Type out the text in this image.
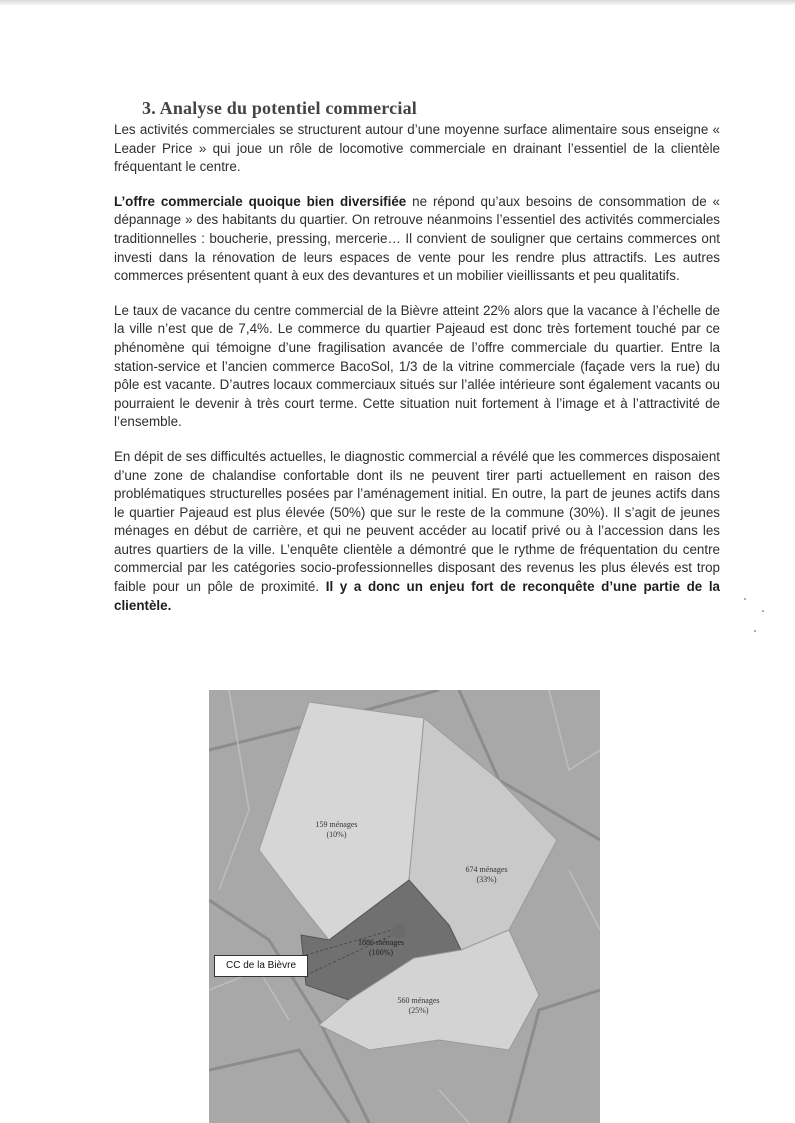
3. Analyse du potentiel commercial

Les activités commerciales se structurent autour d’une moyenne surface alimentaire sous enseigne « Leader Price » qui joue un rôle de locomotive commerciale en drainant l’essentiel de la clientèle fréquentant le centre.

L’offre commerciale quoique bien diversifiée ne répond qu’aux besoins de consommation de « dépannage » des habitants du quartier. On retrouve néanmoins l’essentiel des activités commerciales traditionnelles : boucherie, pressing, mercerie… Il convient de souligner que certains commerces ont investi dans la rénovation de leurs espaces de vente pour les rendre plus attractifs. Les autres commerces présentent quant à eux des devantures et un mobilier vieillissants et peu qualitatifs.

Le taux de vacance du centre commercial de la Bièvre atteint 22% alors que la vacance à l’échelle de la ville n’est que de 7,4%. Le commerce du quartier Pajeaud est donc très fortement touché par ce phénomène qui témoigne d’une fragilisation avancée de l’offre commerciale du quartier. Entre la station-service et l’ancien commerce BacoSol, 1/3 de la vitrine commerciale (façade vers la rue) du pôle est vacante. D’autres locaux commerciaux situés sur l’allée intérieure sont également vacants ou pourraient le devenir à très court terme. Cette situation nuit fortement à l’image et à l’attractivité de l’ensemble.

En dépit de ses difficultés actuelles, le diagnostic commercial a révélé que les commerces disposaient d’une zone de chalandise confortable dont ils ne peuvent tirer parti actuellement en raison des problématiques structurelles posées par l’aménagement initial. En outre, la part de jeunes actifs dans le quartier Pajeaud est plus élevée (50%) que sur le reste de la commune (30%). Il s’agit de jeunes ménages en début de carrière, et qui ne peuvent accéder au locatif privé ou à l’accession dans les autres quartiers de la ville. L’enquête clientèle a démontré que le rythme de fréquentation du centre commercial par les catégories socio-professionnelles disposant des revenus les plus élevés est trop faible pour un pôle de proximité. Il y a donc un enjeu fort de reconquête d’une partie de la clientèle.

159 ménages
(10%)
674 ménages
(33%)
1886 ménages
(100%)
560 ménages
(25%)
CC de la Bièvre
